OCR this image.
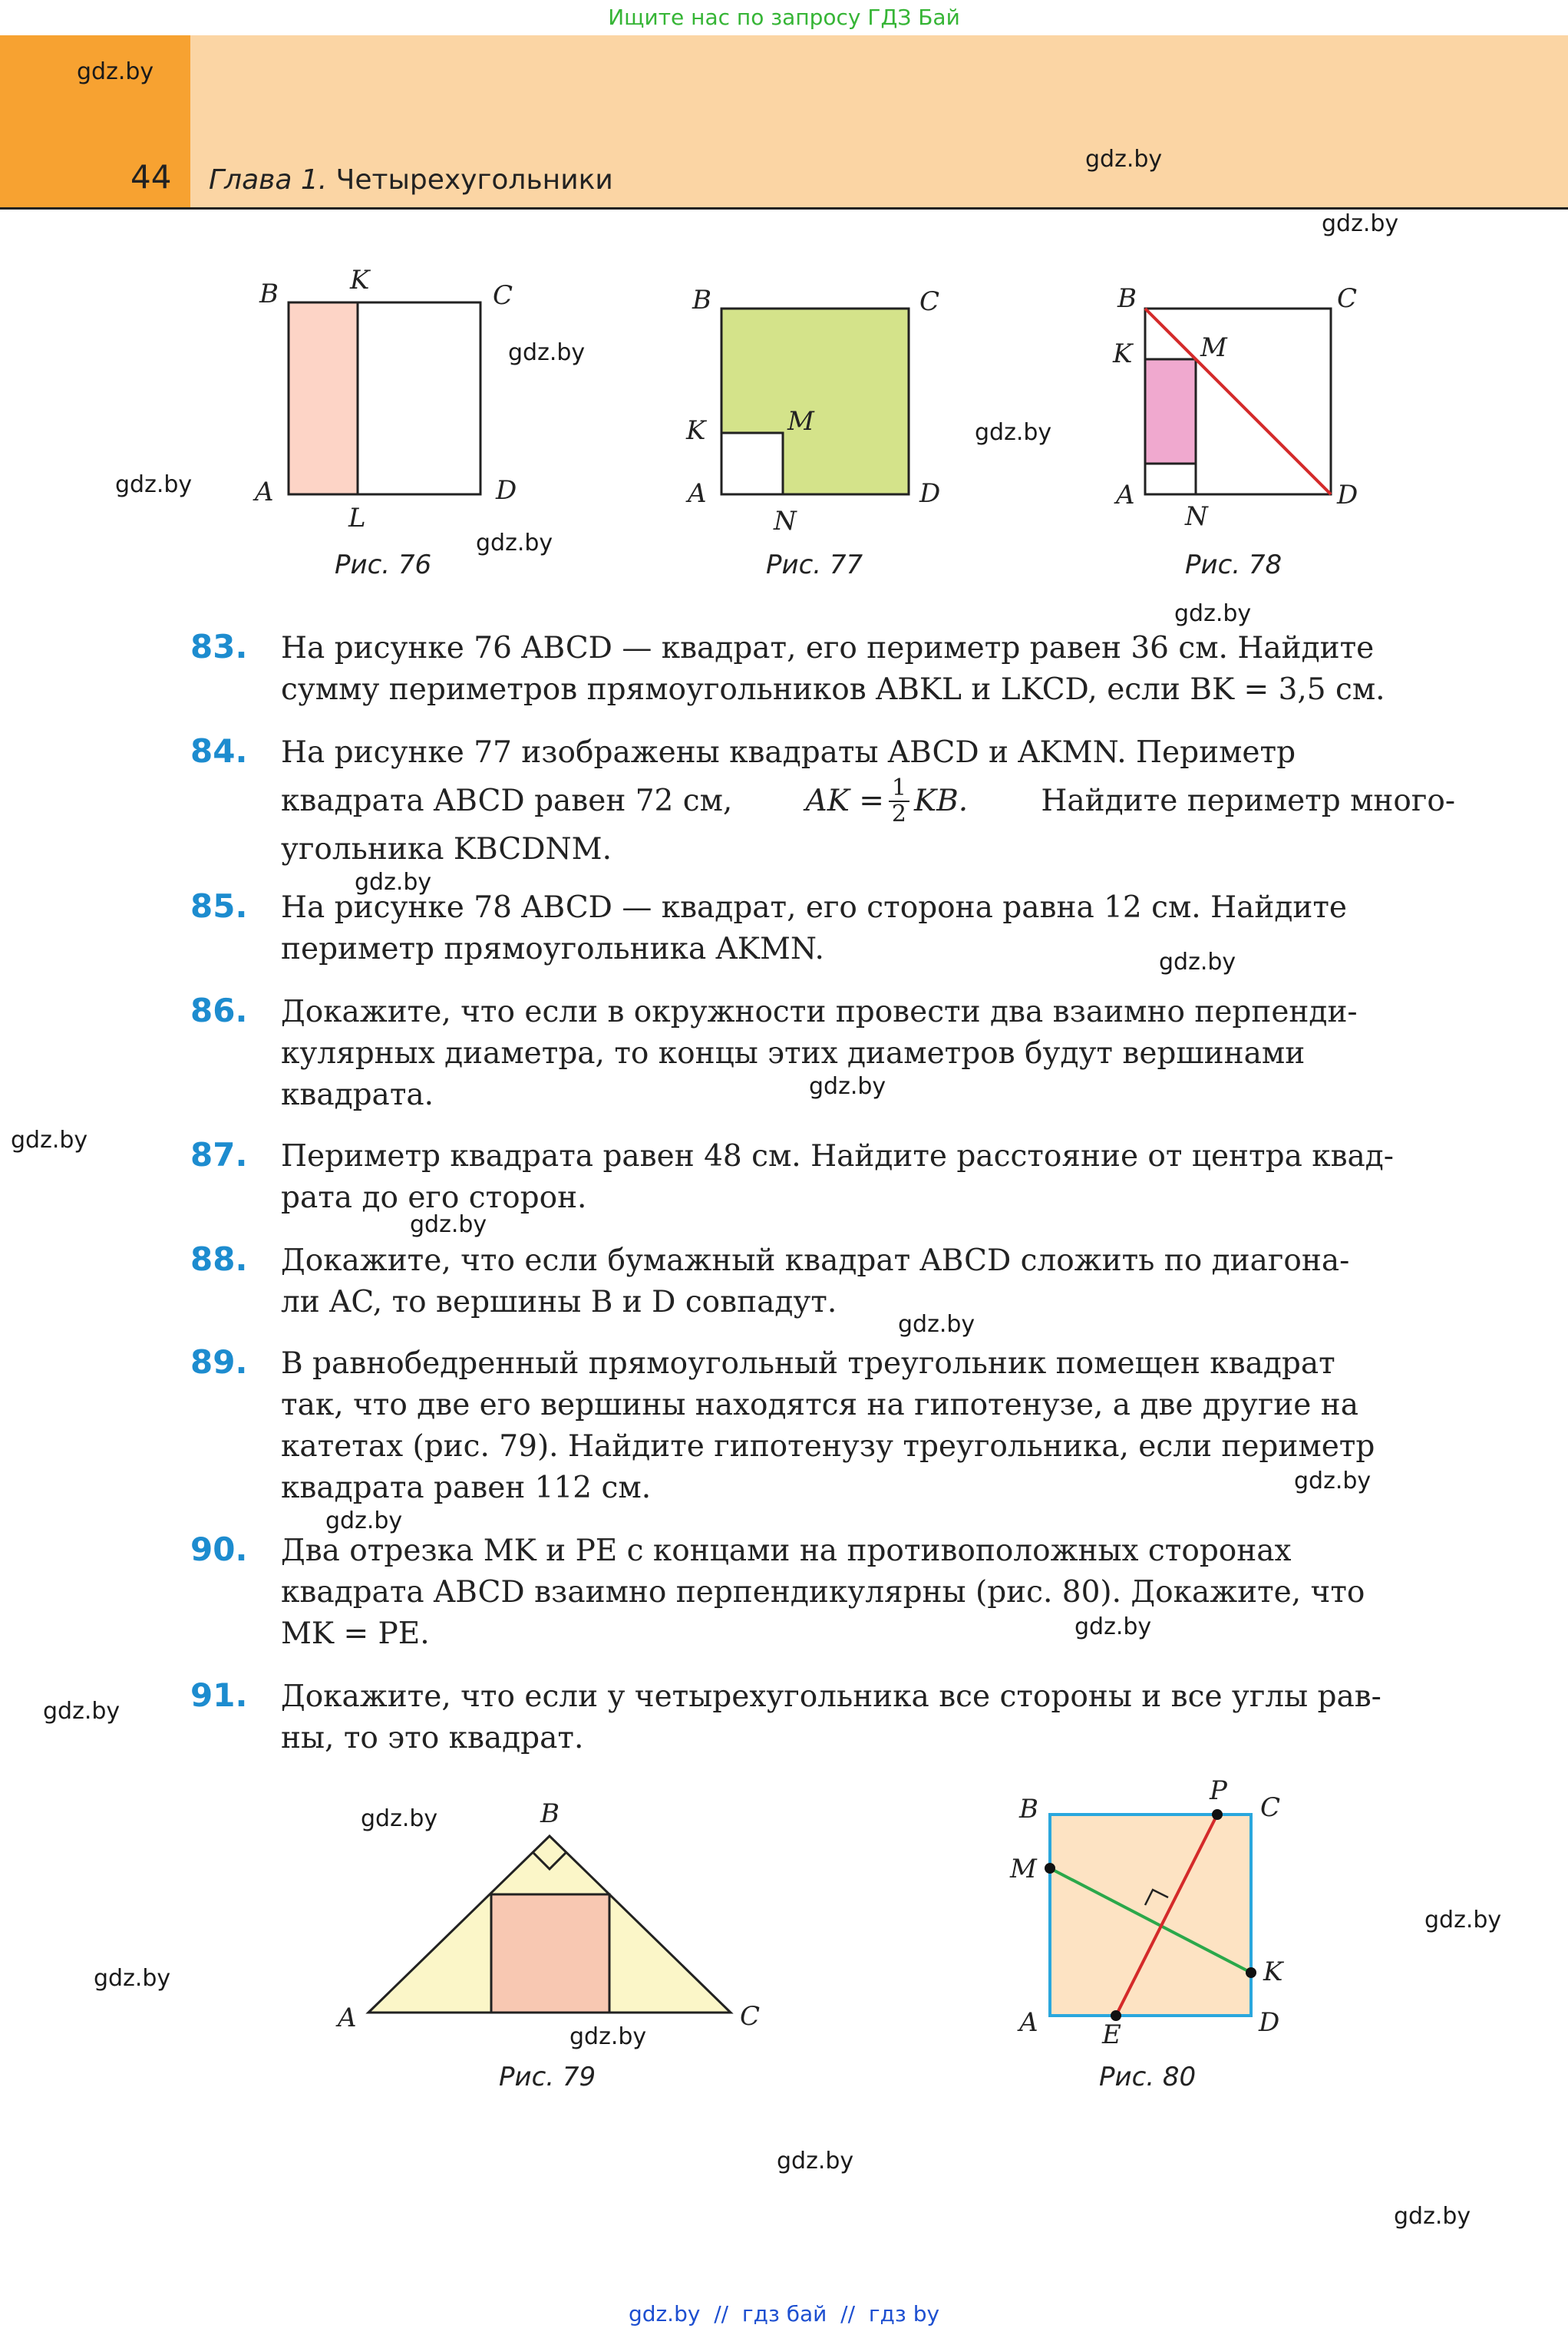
Ищите нас по запросу ГДЗ Бай
44 Глава 1. Четырехугольники
gdz.by
gdz.by
gdz.by
gdz.by
gdz.by
gdz.by
gdz.by
gdz.by
gdz.by
gdz.by
gdz.by
gdz.by
gdz.by
gdz.by
gdz.by
gdz.by
gdz.by
gdz.by
gdz.by
gdz.by
gdz.by
gdz.by
gdz.by
gdz.by
B	K	C
A
L
D
Рис. 76
B	C
K	M
A
N
D
Рис. 77
B	C
K	M
A
N
D
Рис. 78
83. На рисунке 76 ABCD — квадрат, его периметр равен 36 см. Найдите
сумму периметров прямоугольников ABKL и LKCD, если BK = 3,5 см.
84. На рисунке 77 изображены квадраты ABCD и AKMN. Периметр
квадрата ABCD равен 72 см, AK = $\frac{1}{2}$ KB. Найдите периметр много-
угольника KBCDNM.
85. На рисунке 78 ABCD — квадрат, его сторона равна 12 см. Найдите
периметр прямоугольника AKMN.
86. Докажите, что если в окружности провести два взаимно перпенди-
кулярных диаметра, то концы этих диаметров будут вершинами
квадрата.
87. Периметр квадрата равен 48 см. Найдите расстояние от центра квад-
рата до его сторон.
88. Докажите, что если бумажный квадрат ABCD сложить по диагона-
ли AC, то вершины B и D совпадут.
89. В равнобедренный прямоугольный треугольник помещен квадрат
так, что две его вершины находятся на гипотенузе, а две другие на
катетах (рис. 79). Найдите гипотенузу треугольника, если периметр
квадрата равен 112 см.
90. Два отрезка MK и PE с концами на противоположных сторонах
квадрата ABCD взаимно перпендикулярны (рис. 80). Докажите, что
MK = PE.
91. Докажите, что если у четырехугольника все стороны и все углы рав-
ны, то это квадрат.
B
A	C
Рис. 79
B
P
C
M
K
A E	D
Рис. 80
gdz.by  //  гдз бай  //  гдз by
